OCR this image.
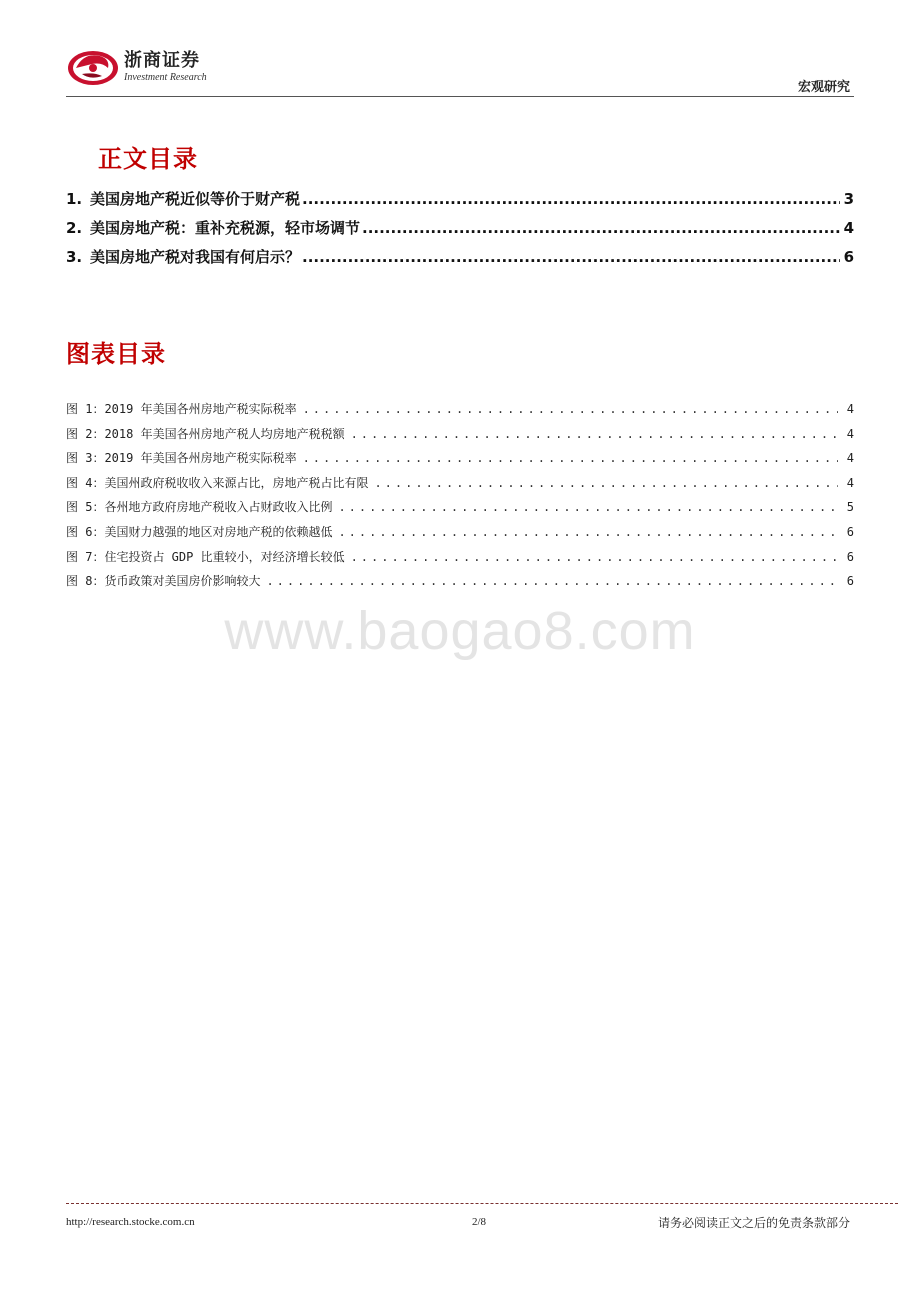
浙商证券
Investment Research
宏观研究
正文目录
1. 美国房地产税近似等价于财产税 .....	3
2. 美国房地产税：重补充税源，轻市场调节 .....	4
3. 美国房地产税对我国有何启示？ .....	6
图表目录
图 1：2019 年美国各州房地产税实际税率 .....	4
图 2：2018 年美国各州房地产税人均房地产税税额 .....	4
图 3：2019 年美国各州房地产税实际税率 .....	4
图 4：美国州政府税收收入来源占比，房地产税占比有限 .....	4
图 5：各州地方政府房地产税收入占财政收入比例 .....	5
图 6：美国财力越强的地区对房地产税的依赖越低 .....	6
图 7：住宅投资占 GDP 比重较小，对经济增长较低 .....	6
图 8：货币政策对美国房价影响较大 .....	6
www.baogao8.com
http://research.stocke.com.cn	2/8	请务必阅读正文之后的免责条款部分
